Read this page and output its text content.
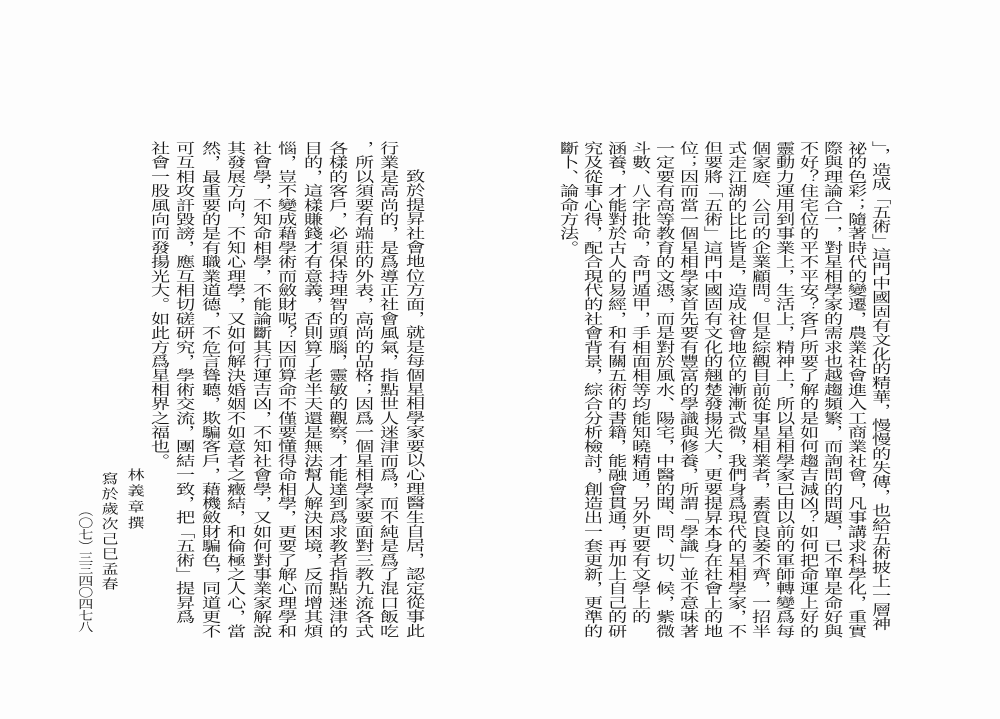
致於提昇社會地位方面，就是每個星相學家要以心理醫生自居，認定從事此
行業是高尚的，是爲導正社會風氣，指點世人迷津而爲，而不純是爲了混口飯吃
，所以須要有端莊的外表，高尚的品格；因爲一個星相學家要面對三教九流各式
各樣的客戶，必須保持理智的頭腦，靈敏的觀察，才能達到爲求教者指點迷津的
目的，這樣賺錢才有意義，否則算了老半天還是無法幫人解決困境，反而增其煩
惱，豈不變成藉學術而斂財呢？因而算命不僅要懂得命相學，更要了解心理學和
社會學，不知命相學，不能論斷其行運吉凶，不知社會學，又如何對事業家解說
其發展方向，不知心理學，又如何解決婚姻不如意者之癥結，和倫極之人心，當
然，最重要的是有職業道德，不危言聳聽，欺騙客戶，藉機斂財騙色，同道更不
可互相攻訐毀謗，應互相切磋研究，學術交流，團結一致，把「五術」提昇爲
社會一股風向而發揚光大。如此方爲星相界之福也。
林義章撰
寫於歲次己巳孟春
（〇七）三三四〇四七八	」，造成「五術」這門中國固有文化的精華，慢慢的失傳，也給五術披上一層神
祕的色彩；隨著時代的變遷，農業社會進入工商業社會，凡事講求科學化，重實
際與理論合一，對星相學家的需求也越趨頻繁，而詢問的問題，已不單是命好與
不好？住宅位的平不平安？客戶所要了解的是如何趨吉減凶？如何把命運上好的
靈動力運用到事業上，生活上，精神上，所以星相學家已由以前的軍師轉變爲每
個家庭、公司的企業顧問。但是綜觀目前從事星相業者，素質良萎不齊，一招半
式走江湖的比比皆是，造成社會地位的漸漸式微，我們身爲現代的星相學家，不
但要將「五術」這門中國固有文化的翹楚發揚光大，更要提昇本身在社會上的地
位；因而當一個星相學家首先要有豐富的學識與修養，所謂「學識」並不意味著
一定要有高等教育的文憑，而是對於風水、陽宅，中醫的聞、問、切、候，紫微
斗數、八字批命，奇門遁甲，手相面相等均能知曉精通，另外更要有文學上的
涵養，才能對於古人的易經，和有關五術的書籍，能融會貫通，再加上自己的研
究及從事心得，配合現代的社會背景，綜合分析檢討，創造出一套更新，更準的
斷卜、論命方法。
